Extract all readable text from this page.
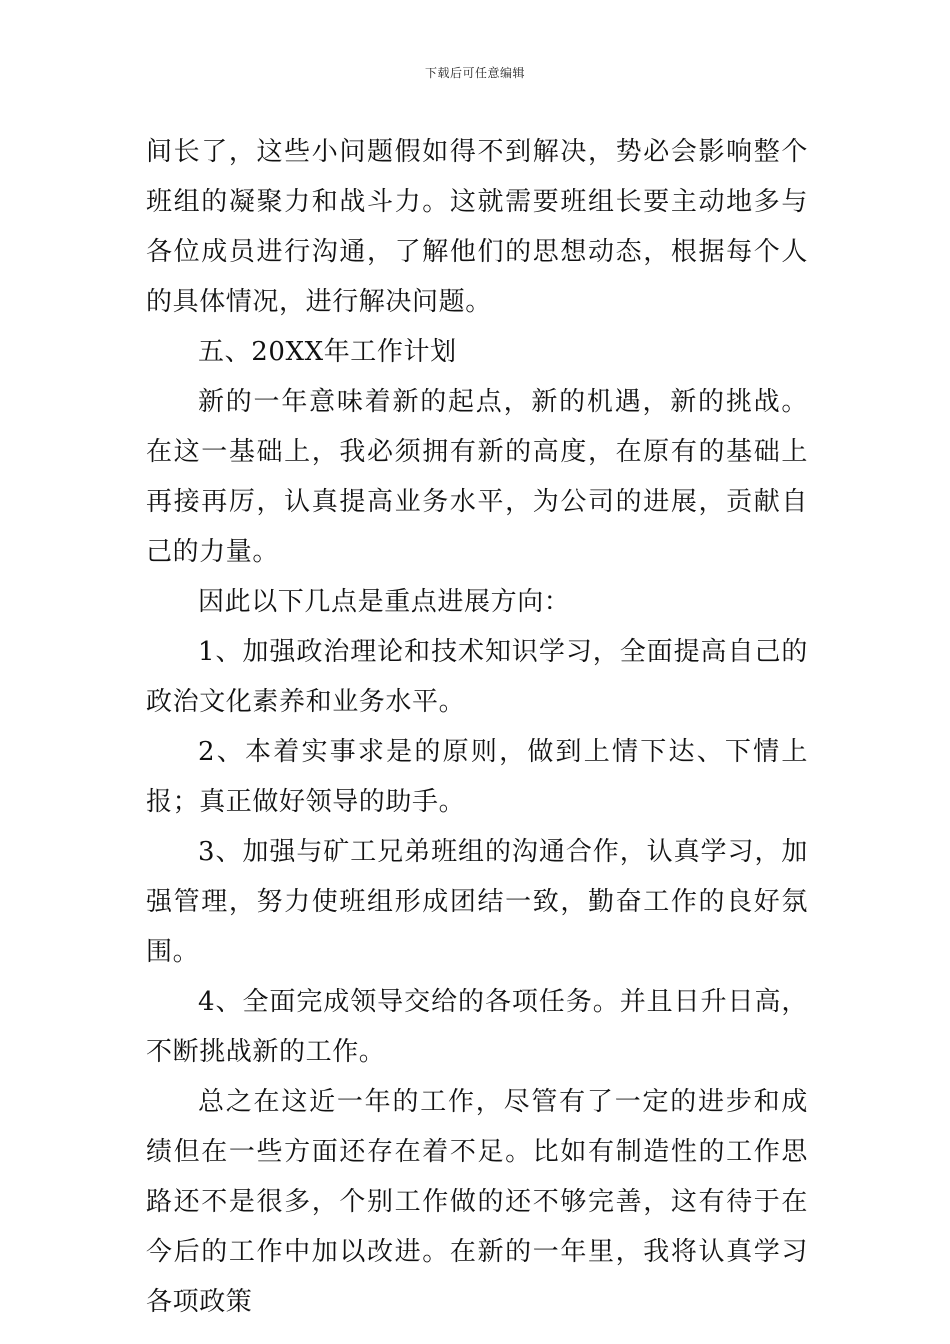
下载后可任意编辑

间长了，这些小问题假如得不到解决，势必会影响整个班组的凝聚力和战斗力。这就需要班组长要主动地多与各位成员进行沟通，了解他们的思想动态，根据每个人的具体情况，进行解决问题。

五、20XX年工作计划

新的一年意味着新的起点，新的机遇，新的挑战。在这一基础上，我必须拥有新的高度，在原有的基础上再接再厉，认真提高业务水平，为公司的进展，贡献自己的力量。

因此以下几点是重点进展方向：

1、加强政治理论和技术知识学习，全面提高自己的政治文化素养和业务水平。

2、本着实事求是的原则，做到上情下达、下情上报；真正做好领导的助手。

3、加强与矿工兄弟班组的沟通合作，认真学习，加强管理，努力使班组形成团结一致，勤奋工作的良好氛围。

4、全面完成领导交给的各项任务。并且日升日高，不断挑战新的工作。

总之在这近一年的工作，尽管有了一定的进步和成绩但在一些方面还存在着不足。比如有制造性的工作思路还不是很多，个别工作做的还不够完善，这有待于在今后的工作中加以改进。在新的一年里，我将认真学习各项政策
